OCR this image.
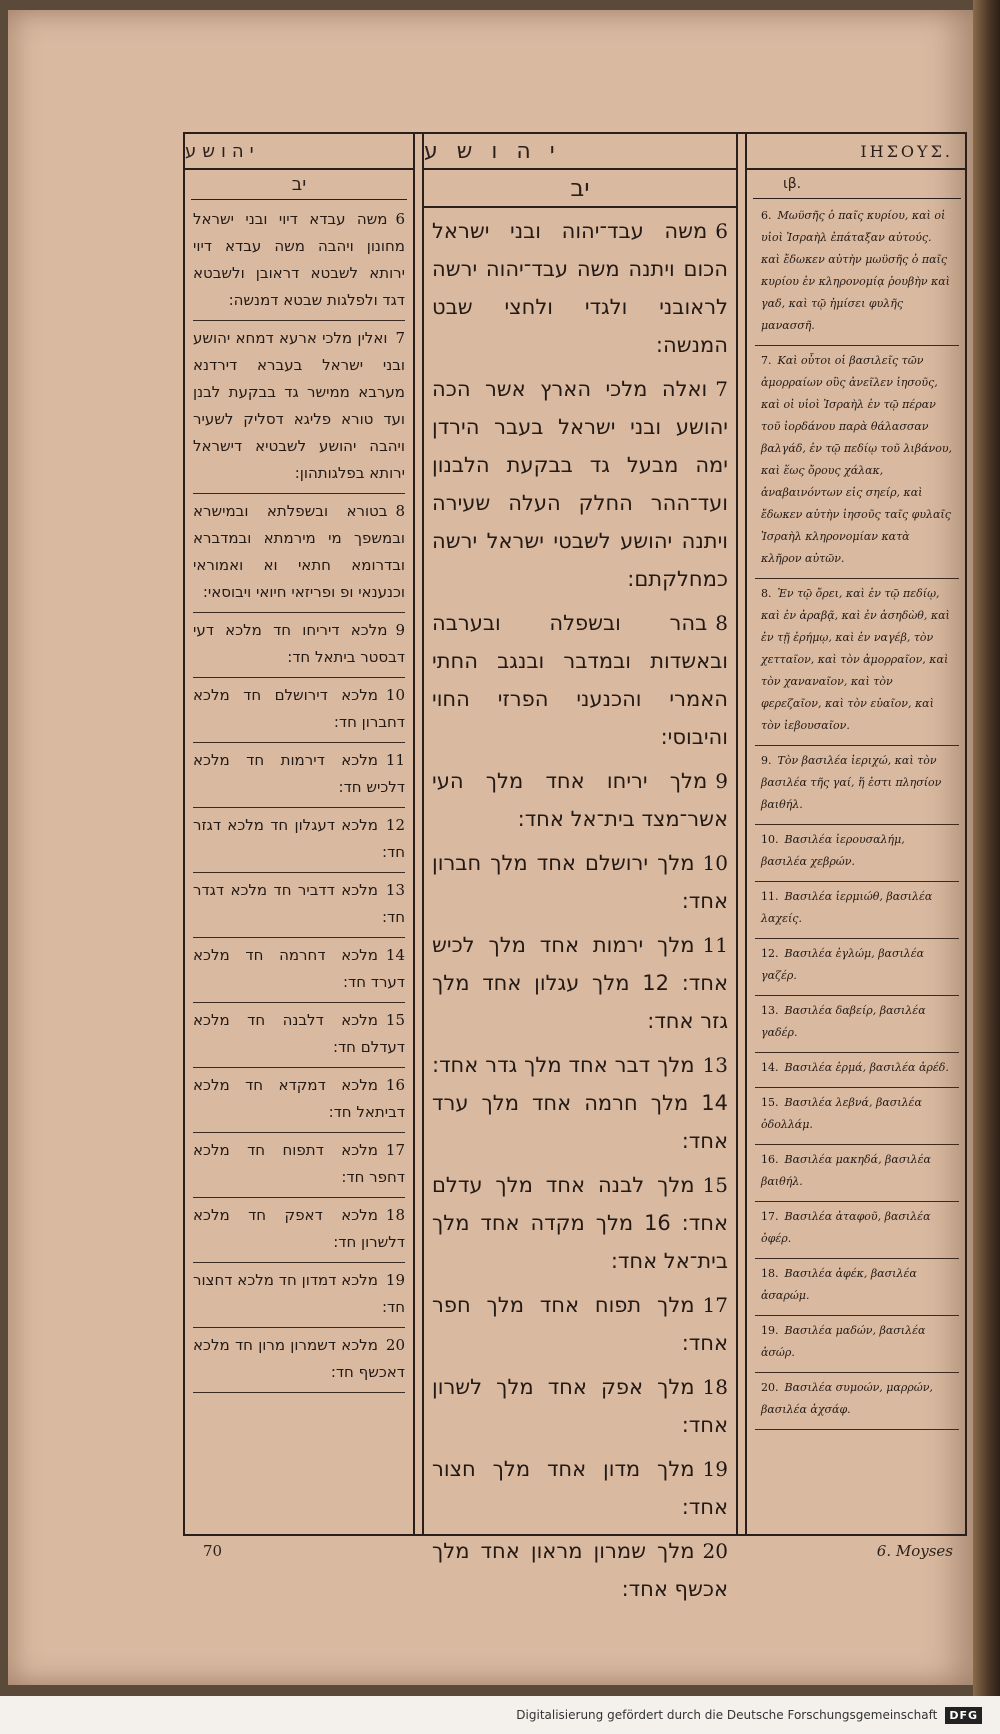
יהושע
יב
6משה עבדא דיוי ובני ישראל מחונון ויהבה משה עבדא דיוי ירותא לשבטא דראובן ולשבטא דגד ולפלגות שבטא דמנשה:
7ואלין מלכי ארעא דמחא יהושע ובני ישראל בעברא דירדנא מערבא ממישר גד בבקעת לבנן ועד טורא פליגא דסליק לשעיר ויהבה יהושע לשבטיא דישראל ירותא בפלגותהון:
8בטורא ובשפלתא ובמישרא ובמשפך מי מירמתא ובמדברא ובדרומא חתאי וא ואמוראי וכנענאי ופ ופריזאי חיואי ויבוסאי:
9מלכא דיריחו חד מלכא דעי דבסטר ביתאל חד:
10מלכא דירושלם חד מלכא דחברון חד:
11מלכא דירמות חד מלכא דלכיש חד:
12מלכא דעגלון חד מלכא דגזר חד:
13מלכא דדביר חד מלכא דגדר חד:
14מלכא דחרמה חד מלכא דערד חד:
15מלכא דלבנה חד מלכא דעדלם חד:
16מלכא דמקדא חד מלכא דביתאל חד:
17מלכא דתפוח חד מלכא דחפר חד:
18מלכא דאפק חד מלכא דלשרון חד:
19מלכא דמדון חד מלכא דחצור חד:
20מלכא דשמרון מרון חד מלכא דאכשף חד:
י ה ו ש ע
יב
6משה עבד־יהוה ובני ישראל הכום ויתנה משה עבד־יהוה ירשה לראובני ולגדי ולחצי שבט המנשה:
7ואלה מלכי הארץ אשר הכה יהושע ובני ישראל בעבר הירדן ימה מבעל גד בבקעת הלבנון ועד־ההר החלק העלה שעירה ויתנה יהושע לשבטי ישראל ירשה כמחלקתם:
8בהר ובשפלה ובערבה ובאשדות ובמדבר ובנגב החתי האמרי והכנעני הפרזי החוי והיבוסי:
9מלך יריחו אחד מלך העי אשר־מצד בית־אל אחד:
10מלך ירושלם אחד מלך חברון אחד:
11מלך ירמות אחד מלך לכיש אחד: 12 מלך עגלון אחד מלך גזר אחד:
13מלך דבר אחד מלך גדר אחד: 14 מלך חרמה אחד מלך ערד אחד:
15מלך לבנה אחד מלך עדלם אחד: 16 מלך מקדה אחד מלך בית־אל אחד:
17מלך תפוח אחד מלך חפר אחד:
18מלך אפק אחד מלך לשרון אחד:
19מלך מדון אחד מלך חצור אחד:
20מלך שמרון מראון אחד מלך אכשף אחד:
ΙΗΣΟΥΣ.
ιβ.
6. Μωϋσῆς ὁ παῖς κυρίου, καὶ οἱ υἱοὶ Ἰσραὴλ ἐπάταξαν αὐτούς. καὶ ἔδωκεν αὐτὴν μωϋσῆς ὁ παῖς κυρίου ἐν κληρονομίᾳ ῥουβὴν καὶ γαδ, καὶ τῷ ἡμίσει φυλῆς μανασσῆ.
7. Καὶ οὗτοι οἱ βασιλεῖς τῶν ἀμορραίων οὓς ἀνεῖλεν ἰησοῦς, καὶ οἱ υἱοὶ Ἰσραὴλ ἐν τῷ πέραν τοῦ ἰορδάνου παρὰ θάλασσαν βαλγάδ, ἐν τῷ πεδίῳ τοῦ λιβάνου, καὶ ἕως ὄρους χάλακ, ἀναβαινόντων εἰς σηείρ, καὶ ἔδωκεν αὐτὴν ἰησοῦς ταῖς φυλαῖς Ἰσραὴλ κληρονομίαν κατὰ κλῆρον αὐτῶν.
8. Ἐν τῷ ὄρει, καὶ ἐν τῷ πεδίῳ, καὶ ἐν ἀραβᾷ, καὶ ἐν ἀσηδὼθ, καὶ ἐν τῇ ἐρήμῳ, καὶ ἐν ναγέβ, τὸν χετταῖον, καὶ τὸν ἀμορραῖον, καὶ τὸν χαναναῖον, καὶ τὸν φερεζαῖον, καὶ τὸν εὐαῖον, καὶ τὸν ἰεβουσαῖον.
9. Τὸν βασιλέα ἰεριχώ, καὶ τὸν βασιλέα τῆς γαί, ἥ ἐστι πλησίον βαιθήλ.
10. Βασιλέα ἱερουσαλήμ, βασιλέα χεβρών.
11. Βασιλέα ἰερμιώθ, βασιλέα λαχείς.
12. Βασιλέα ἐγλώμ, βασιλέα γαζέρ.
13. Βασιλέα δαβείρ, βασιλέα γαδέρ.
14. Βασιλέα ἑρμά, βασιλέα ἀρέδ.
15. Βασιλέα λεβνά, βασιλέα ὀδολλάμ.
16. Βασιλέα μακηδά, βασιλέα βαιθήλ.
17. Βασιλέα ἀταφοῦ, βασιλέα ὀφέρ.
18. Βασιλέα ἀφέκ, βασιλέα ἀσαρώμ.
19. Βασιλέα μαδών, βασιλέα ἀσώρ.
20. Βασιλέα συμοών, μαρρών, βασιλέα ἀχσάφ.
70	6. Moyses
Digitalisierung gefördert durch die Deutsche Forschungsgemeinschaft	DFG
